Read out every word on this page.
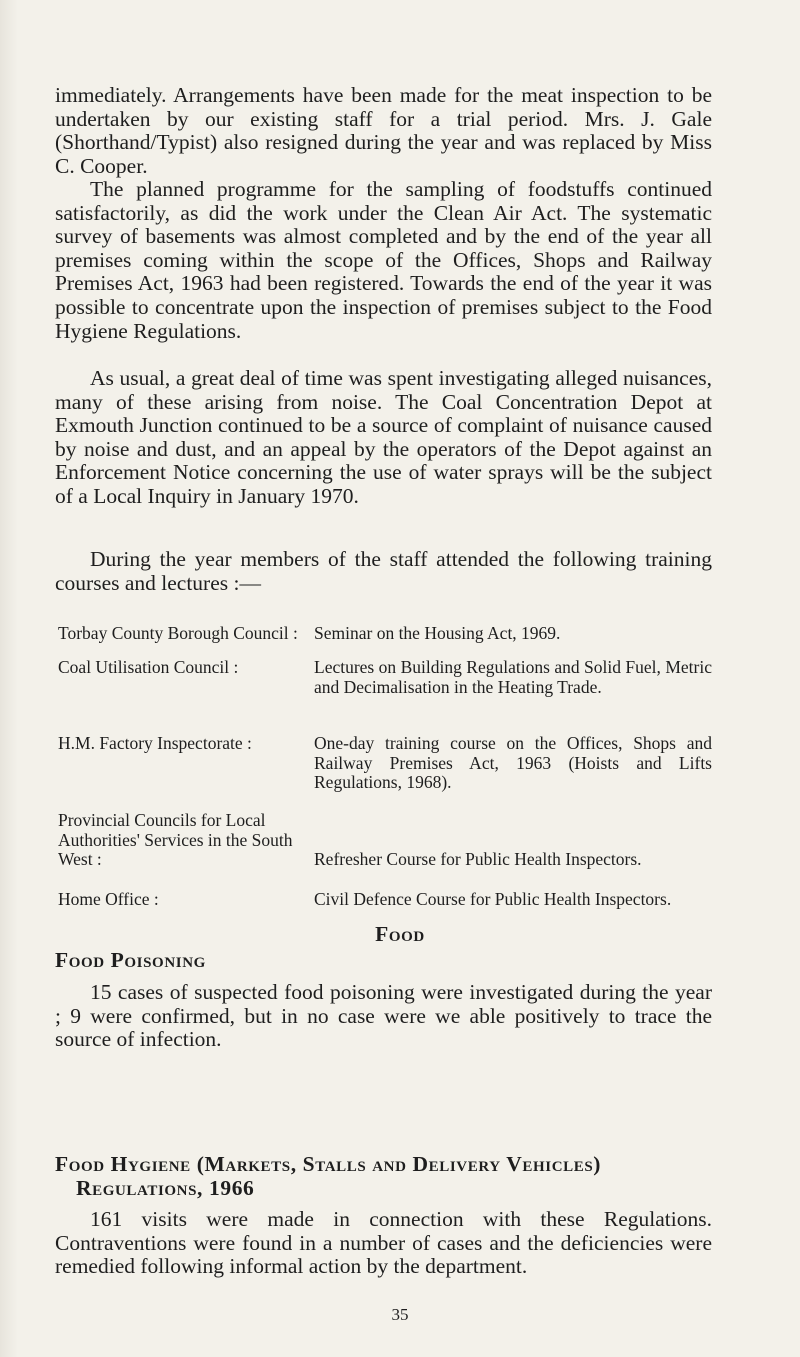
immediately. Arrangements have been made for the meat inspection to be undertaken by our existing staff for a trial period. Mrs. J. Gale (Shorthand/Typist) also resigned during the year and was replaced by Miss C. Cooper.

The planned programme for the sampling of foodstuffs continued satisfactorily, as did the work under the Clean Air Act. The systematic survey of basements was almost completed and by the end of the year all premises coming within the scope of the Offices, Shops and Railway Premises Act, 1963 had been registered. Towards the end of the year it was possible to concentrate upon the inspection of premises subject to the Food Hygiene Regulations.

As usual, a great deal of time was spent investigating alleged nuisances, many of these arising from noise. The Coal Concentration Depot at Exmouth Junction continued to be a source of complaint of nuisance caused by noise and dust, and an appeal by the operators of the Depot against an Enforcement Notice concerning the use of water sprays will be the subject of a Local Inquiry in January 1970.

During the year members of the staff attended the following training courses and lectures :—

Torbay County Borough Council : Seminar on the Housing Act, 1969.
Coal Utilisation Council :	Lectures on Building Regulations and Solid Fuel, Metric and Decimalisation in the Heating Trade.
H.M. Factory Inspectorate :	One-day training course on the Offices, Shops and Railway Premises Act, 1963 (Hoists and Lifts Regulations, 1968).
Provincial Councils for Local Authorities' Services in the South West :	Refresher Course for Public Health Inspectors.
Home Office :	Civil Defence Course for Public Health Inspectors.
Food
Food Poisoning

15 cases of suspected food poisoning were investigated during the year ; 9 were confirmed, but in no case were we able positively to trace the source of infection.

Food Hygiene (Markets, Stalls and Delivery Vehicles)
Regulations, 1966

161 visits were made in connection with these Regulations. Contraventions were found in a number of cases and the deficiencies were remedied following informal action by the department.

35
